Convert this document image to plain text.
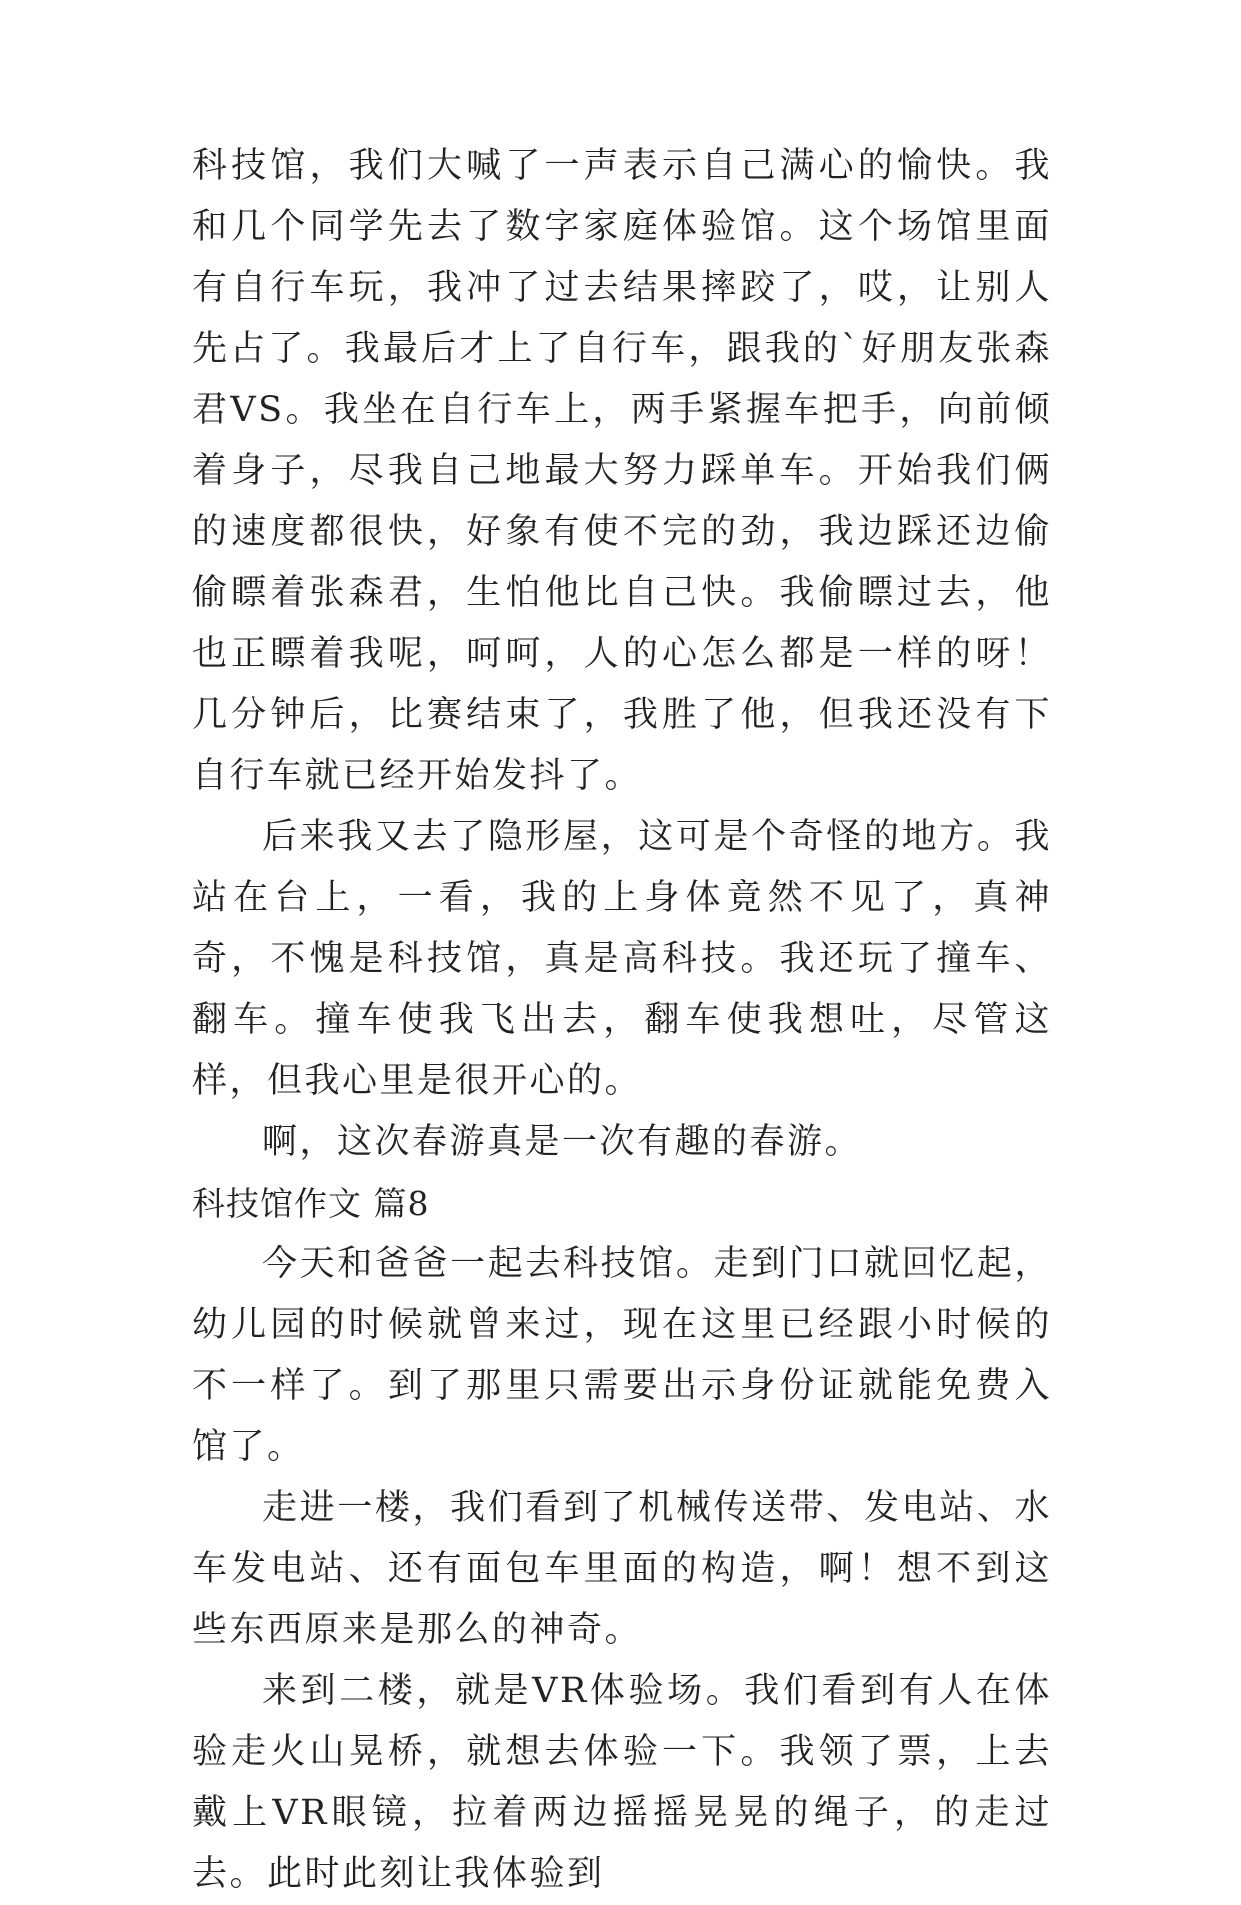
科技馆，我们大喊了一声表示自己满心的愉快。我和几个同学先去了数字家庭体验馆。这个场馆里面有自行车玩，我冲了过去结果摔跤了，哎，让别人先占了。我最后才上了自行车，跟我的`好朋友张森君VS。我坐在自行车上，两手紧握车把手，向前倾着身子，尽我自己地最大努力踩单车。开始我们俩的速度都很快，好象有使不完的劲，我边踩还边偷偷瞟着张森君，生怕他比自己快。我偷瞟过去，他也正瞟着我呢，呵呵，人的心怎么都是一样的呀！几分钟后，比赛结束了，我胜了他，但我还没有下自行车就已经开始发抖了。

后来我又去了隐形屋，这可是个奇怪的地方。我站在台上，一看，我的上身体竟然不见了，真神奇，不愧是科技馆，真是高科技。我还玩了撞车、翻车。撞车使我飞出去，翻车使我想吐，尽管这样，但我心里是很开心的。

啊，这次春游真是一次有趣的春游。

科技馆作文 篇8

今天和爸爸一起去科技馆。走到门口就回忆起，幼儿园的时候就曾来过，现在这里已经跟小时候的不一样了。到了那里只需要出示身份证就能免费入馆了。

走进一楼，我们看到了机械传送带、发电站、水车发电站、还有面包车里面的构造，啊！想不到这些东西原来是那么的神奇。

来到二楼，就是VR体验场。我们看到有人在体验走火山晃桥，就想去体验一下。我领了票，上去戴上VR眼镜，拉着两边摇摇晃晃的绳子，的走过去。此时此刻让我体验到
